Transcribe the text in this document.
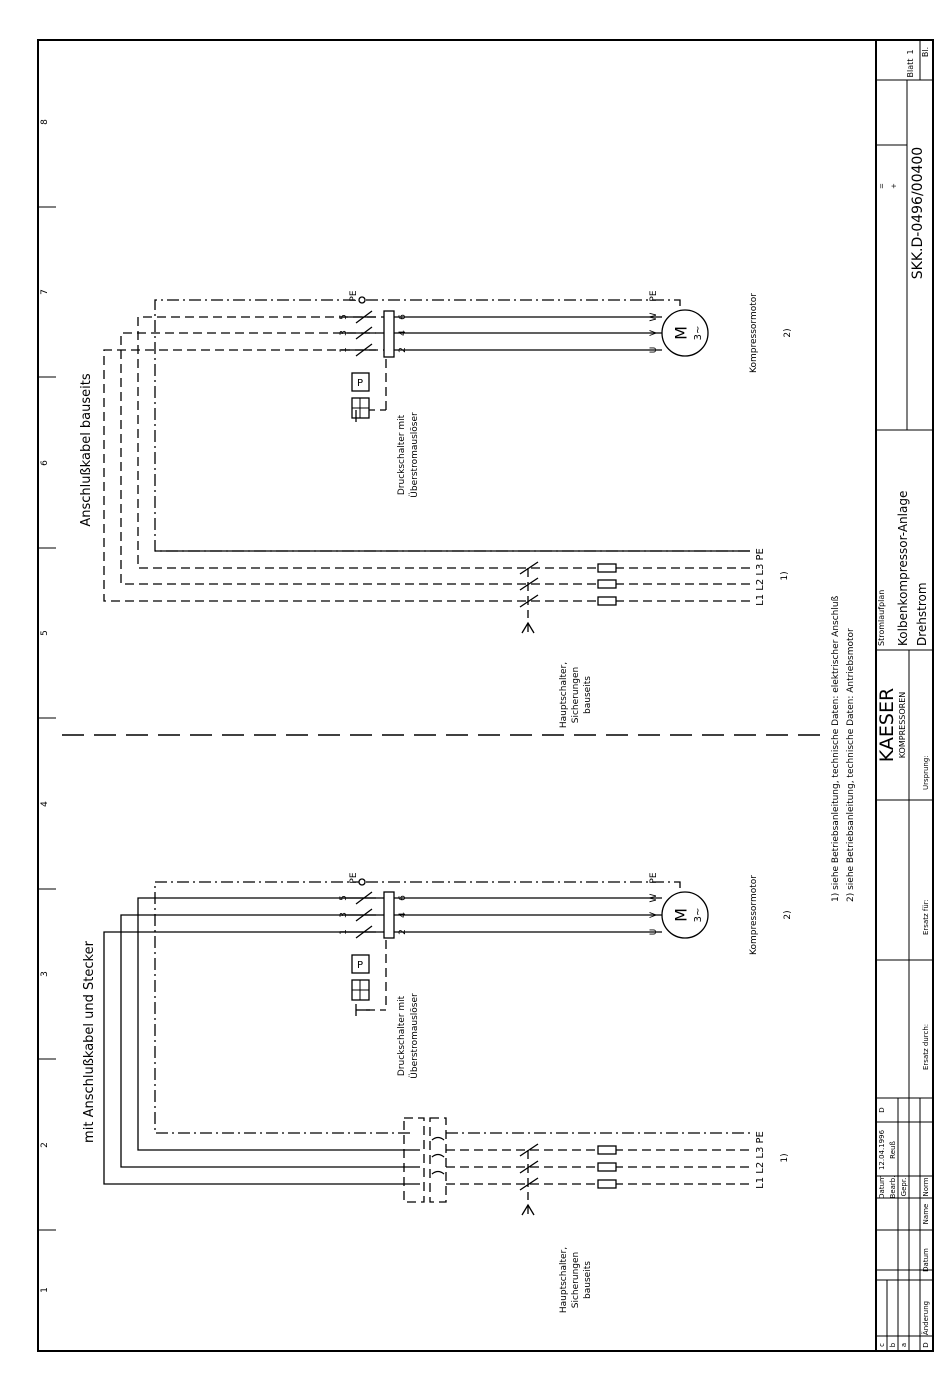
1
2
3
4
5
6
7
8
mit Anschlußkabel und Stecker
L1 L2 L3 PE 1)
Hauptschalter, Sicherungen bauseits
P
1
3
5
2
4
6
PE
Druckschalter mit Überstromauslöser
U
V
W
PE
M 3~	Kompressormotor	2)
Anschlußkabel bauseits
L1 L2 L3 PE 1)
Hauptschalter, Sicherungen bauseits
P
1
3
5
2
4
6
PE
Druckschalter mit Überstromauslöser
U
V
W
PE
M 3~	Kompressormotor	2)
1) siehe Betriebsanleitung, technische Daten: elektrischer Anschluß 2) siehe Betriebsanleitung, technische Daten: Antriebsmotor
c b a D
Änderung
Datum
Name
Norm
Datum
12.04.1996
D
Bearb.
Reuß
Gepr.
Ersatz durch:
Ersatz für:
Ursprung:
KAESER KOMPRESSOREN
Stromlaufplan Kolbenkompressor-Anlage Drehstrom
SKK.D-0496/00400
Blatt
1 Bl.
= +
